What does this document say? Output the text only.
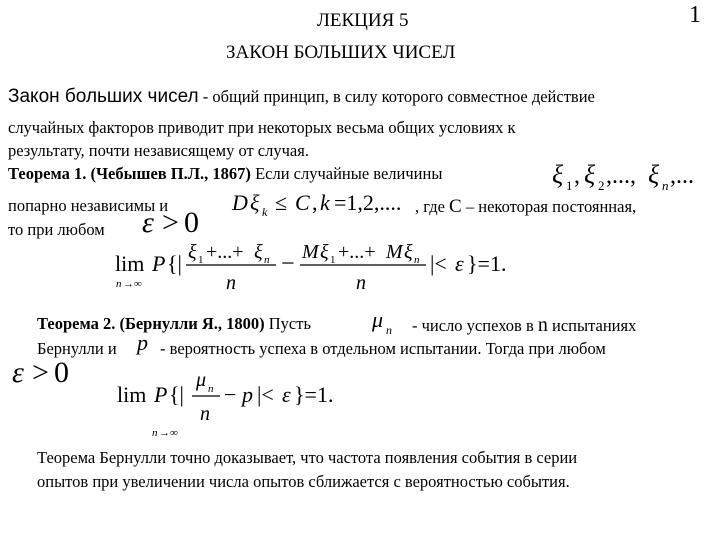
ЛЕКЦИЯ 5	1
ЗАКОН БОЛЬШИХ ЧИСЕЛ
Закон больших чисел - общий принцип, в силу которого совместное действие
случайных факторов приводит при некоторых весьма общих условиях к
результату, почти независящему от случая.
Теорема 1. (Чебышев П.Л., 1867) Если случайные величины	ξ 1 , ξ 2 ,..., ξ n ,...
попарно независимы и	D ξ k ≤ C , k =1,2,.... , где С – некоторая постоянная,
то при любом ε > 0
lim
n →∞
P {| ξ 1 +...+ ξ n
n
− M ξ 1 +...+ M ξ n
n
|< ε }=1.
Теорема 2. (Бернулли Я., 1800) Пусть	μ n - число успехов в n испытаниях
Бернулли и p - вероятность успеха в отдельном испытании. Тогда при любом
ε > 0
lim
n →∞
P {|
μ n
n
− p |< ε }=1.
Теорема Бернулли точно доказывает, что частота появления события в серии
опытов при увеличении числа опытов сближается с вероятностью события.
